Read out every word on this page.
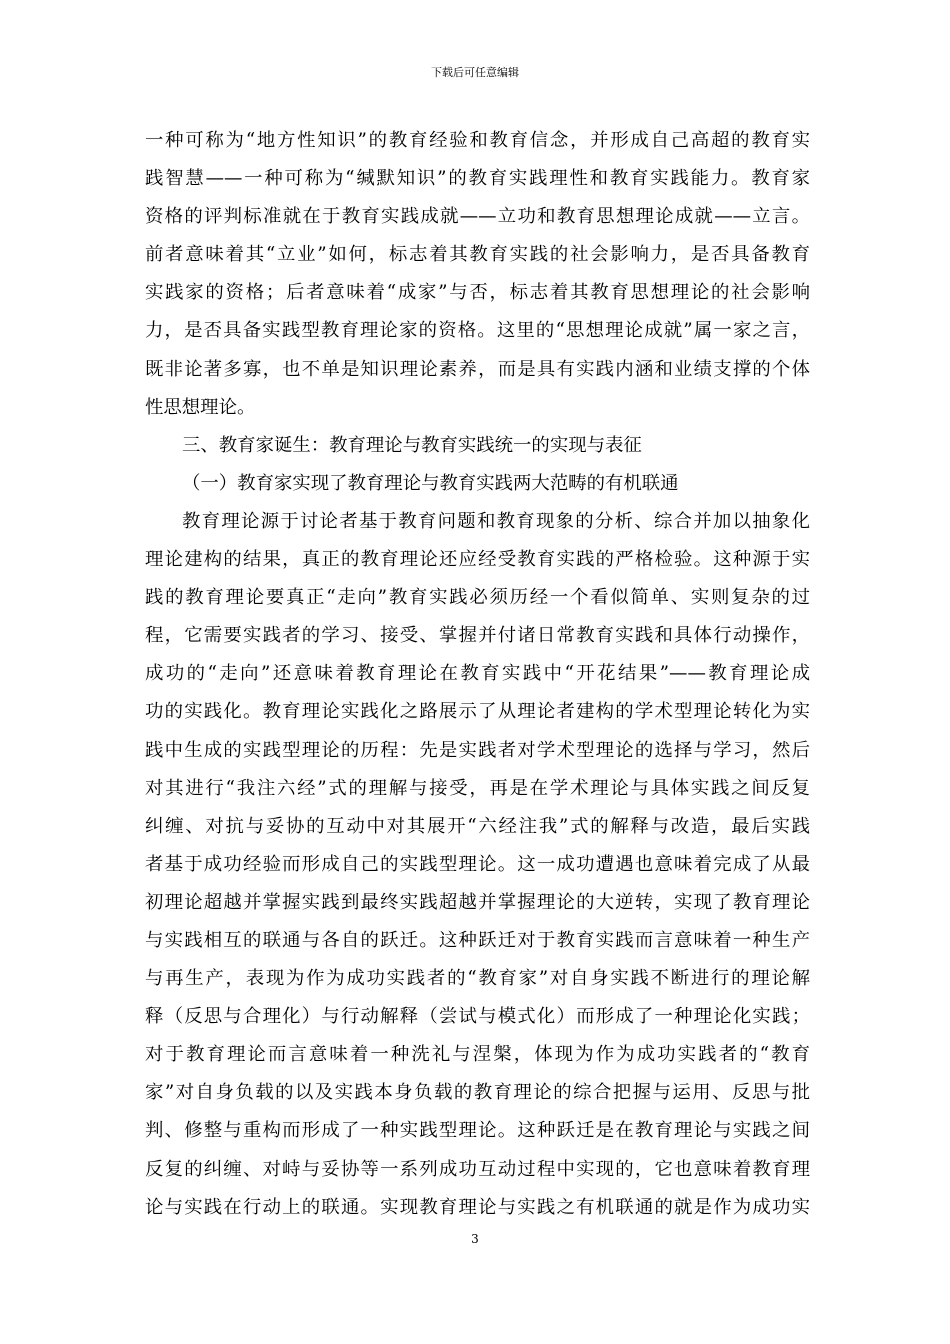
下载后可任意编辑
一种可称为“地方性知识”的教育经验和教育信念，并形成自己高超的教育实
践智慧——一种可称为“缄默知识”的教育实践理性和教育实践能力。教育家
资格的评判标准就在于教育实践成就——立功和教育思想理论成就——立言。
前者意味着其“立业”如何，标志着其教育实践的社会影响力，是否具备教育
实践家的资格；后者意味着“成家”与否，标志着其教育思想理论的社会影响
力，是否具备实践型教育理论家的资格。这里的“思想理论成就”属一家之言，
既非论著多寡，也不单是知识理论素养，而是具有实践内涵和业绩支撑的个体
性思想理论。
三、教育家诞生：教育理论与教育实践统一的实现与表征
（一）教育家实现了教育理论与教育实践两大范畴的有机联通
教育理论源于讨论者基于教育问题和教育现象的分析、综合并加以抽象化
理论建构的结果，真正的教育理论还应经受教育实践的严格检验。这种源于实
践的教育理论要真正“走向”教育实践必须历经一个看似简单、实则复杂的过
程，它需要实践者的学习、接受、掌握并付诸日常教育实践和具体行动操作，
成功的“走向”还意味着教育理论在教育实践中“开花结果”——教育理论成
功的实践化。教育理论实践化之路展示了从理论者建构的学术型理论转化为实
践中生成的实践型理论的历程：先是实践者对学术型理论的选择与学习，然后
对其进行“我注六经”式的理解与接受，再是在学术理论与具体实践之间反复
纠缠、对抗与妥协的互动中对其展开“六经注我”式的解释与改造，最后实践
者基于成功经验而形成自己的实践型理论。这一成功遭遇也意味着完成了从最
初理论超越并掌握实践到最终实践超越并掌握理论的大逆转，实现了教育理论
与实践相互的联通与各自的跃迁。这种跃迁对于教育实践而言意味着一种生产
与再生产，表现为作为成功实践者的“教育家”对自身实践不断进行的理论解
释（反思与合理化）与行动解释（尝试与模式化）而形成了一种理论化实践；
对于教育理论而言意味着一种洗礼与涅槃，体现为作为成功实践者的“教育
家”对自身负载的以及实践本身负载的教育理论的综合把握与运用、反思与批
判、修整与重构而形成了一种实践型理论。这种跃迁是在教育理论与实践之间
反复的纠缠、对峙与妥协等一系列成功互动过程中实现的，它也意味着教育理
论与实践在行动上的联通。实现教育理论与实践之有机联通的就是作为成功实
3
